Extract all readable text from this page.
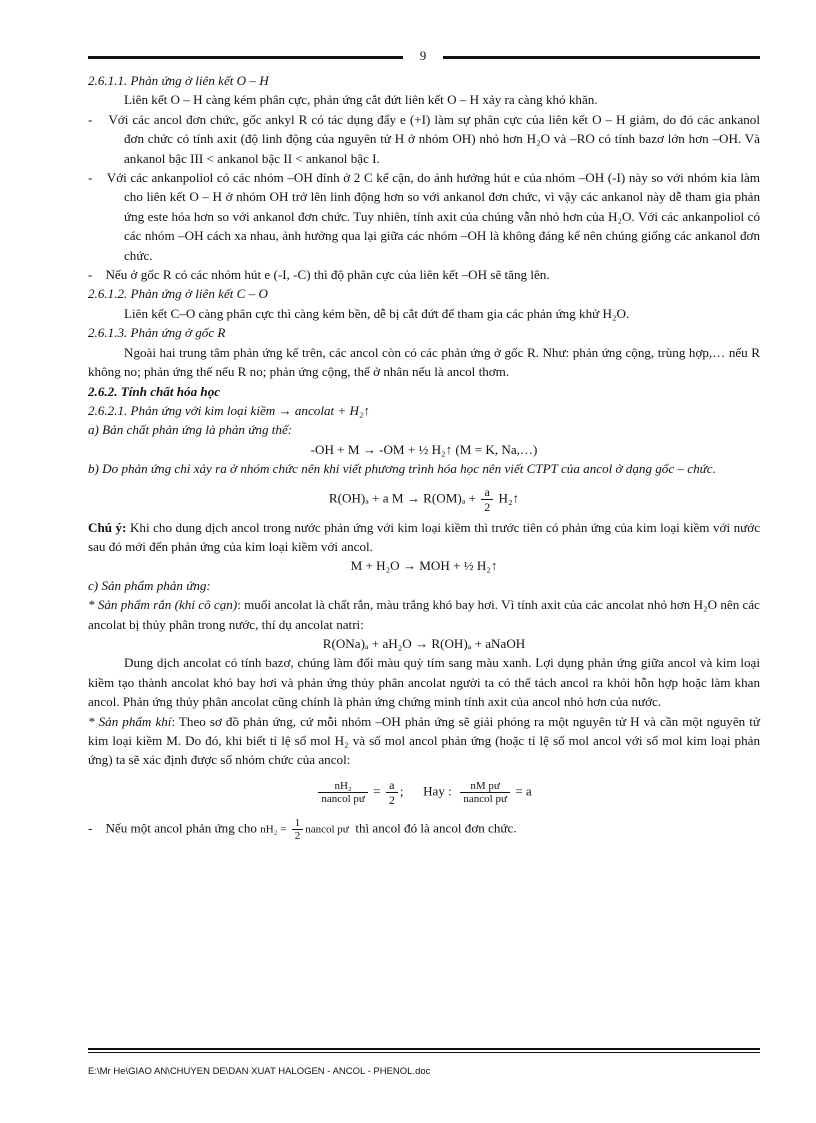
9

2.6.1.1. Phản ứng ở liên kết O – H

Liên kết O – H càng kém phân cực, phản ứng cắt đứt liên kết O – H xảy ra càng khó khăn.

-    Với các ancol đơn chức, gốc ankyl R có tác dụng đẩy e (+I) làm sự phân cực của liên kết O – H giảm, do đó các ankanol đơn chức có tính axit (độ linh động của nguyên tử H ở nhóm OH) nhỏ hơn H₂O và –RO có tính bazơ lớn hơn –OH. Và ankanol bậc III < ankanol bậc II < ankanol bậc I.

-    Với các ankanpoliol có các nhóm –OH đính ở 2 C kế cận, do ảnh hưởng hút e của nhóm –OH (-I) này so với nhóm kia làm cho liên kết O – H ở nhóm OH trở lên linh động hơn so với ankanol đơn chức, vì vậy các ankanol này dễ tham gia phản ứng este hóa hơn so với ankanol đơn chức. Tuy nhiên, tính axit của chúng vẫn nhỏ hơn của H₂O. Với các ankanpoliol có các nhóm –OH cách xa nhau, ảnh hưởng qua lại giữa các nhóm –OH là không đáng kể nên chúng giống các ankanol đơn chức.

-    Nếu ở gốc R có các nhóm hút e (-I, -C) thì độ phân cực của liên kết –OH sẽ tăng lên.

2.6.1.2. Phản ứng ở liên kết C – O

Liên kết C–O càng phân cực thì càng kém bền, dễ bị cắt đứt để tham gia các phản ứng khử H₂O.

2.6.1.3. Phản ứng ở gốc R

Ngoài hai trung tâm phản ứng kể trên, các ancol còn có các phản ứng ở gốc R. Như: phản ứng cộng, trùng hợp,… nếu R không no; phản ứng thế nếu R no; phản ứng cộng, thế ở nhân nếu là ancol thơm.

2.6.2. Tính chất hóa học

2.6.2.1. Phản ứng với kim loại kiềm → ancolat + H₂↑

a) Bản chất phản ứng là phản ứng thế:

-OH + M → -OM + ½ H₂↑ (M = K, Na,…)

b) Do phản ứng chỉ xảy ra ở nhóm chức nên khi viết phương trình hóa học nên viết CTPT của ancol ở dạng gốc – chức.

R(OH)ₐ + a $M \to R(OM)_a + \frac{a}{2}$ H₂↑

Chú ý: Khi cho dung dịch ancol trong nước phản ứng với kim loại kiềm thì trước tiên có phản ứng của kim loại kiềm với nước sau đó mới đến phản ứng của kim loại kiềm với ancol.

M + H₂O → MOH + ½ H₂↑

c) Sản phẩm phản ứng:

* Sản phẩm rắn (khi cô cạn): muối ancolat là chất rắn, màu trắng khó bay hơi. Vì tính axit của các ancolat nhỏ hơn H₂O nên các ancolat bị thủy phân trong nước, thí dụ ancolat natri:

R(ONa)ₐ + aH₂O → R(OH)ₐ + aNaOH

Dung dịch ancolat có tính bazơ, chúng làm đổi màu quỳ tím sang màu xanh. Lợi dụng phản ứng giữa ancol và kim loại kiềm tạo thành ancolat khó bay hơi và phản ứng thủy phân ancolat người ta có thể tách ancol ra khỏi hỗn hợp hoặc làm khan ancol. Phản ứng thủy phân ancolat cũng chính là phản ứng chứng minh tính axit của ancol nhỏ hơn của nước.

* Sản phẩm khí: Theo sơ đồ phản ứng, cứ mỗi nhóm –OH phản ứng sẽ giải phóng ra một nguyên tử H và cần một nguyên tử kim loại kiềm M. Do đó, khi biết tỉ lệ số mol H₂ và số mol ancol phản ứng (hoặc tỉ lệ số mol ancol với số mol kim loại phản ứng) ta sẽ xác định được số nhóm chức của ancol:

$\frac{\text{nH₂}}{\text{nancol pư}} = \frac{a}{2}$ ; Hay : $\frac{\text{nM pư}}{\text{nancol pư}} = a$

-    Nếu một ancol phản ứng cho $nH_2 = \frac{1}{2}$ nancol pư thì ancol đó là ancol đơn chức.

E:\Mr He\GIAO AN\CHUYEN DE\DAN XUAT HALOGEN - ANCOL - PHENOL.doc
